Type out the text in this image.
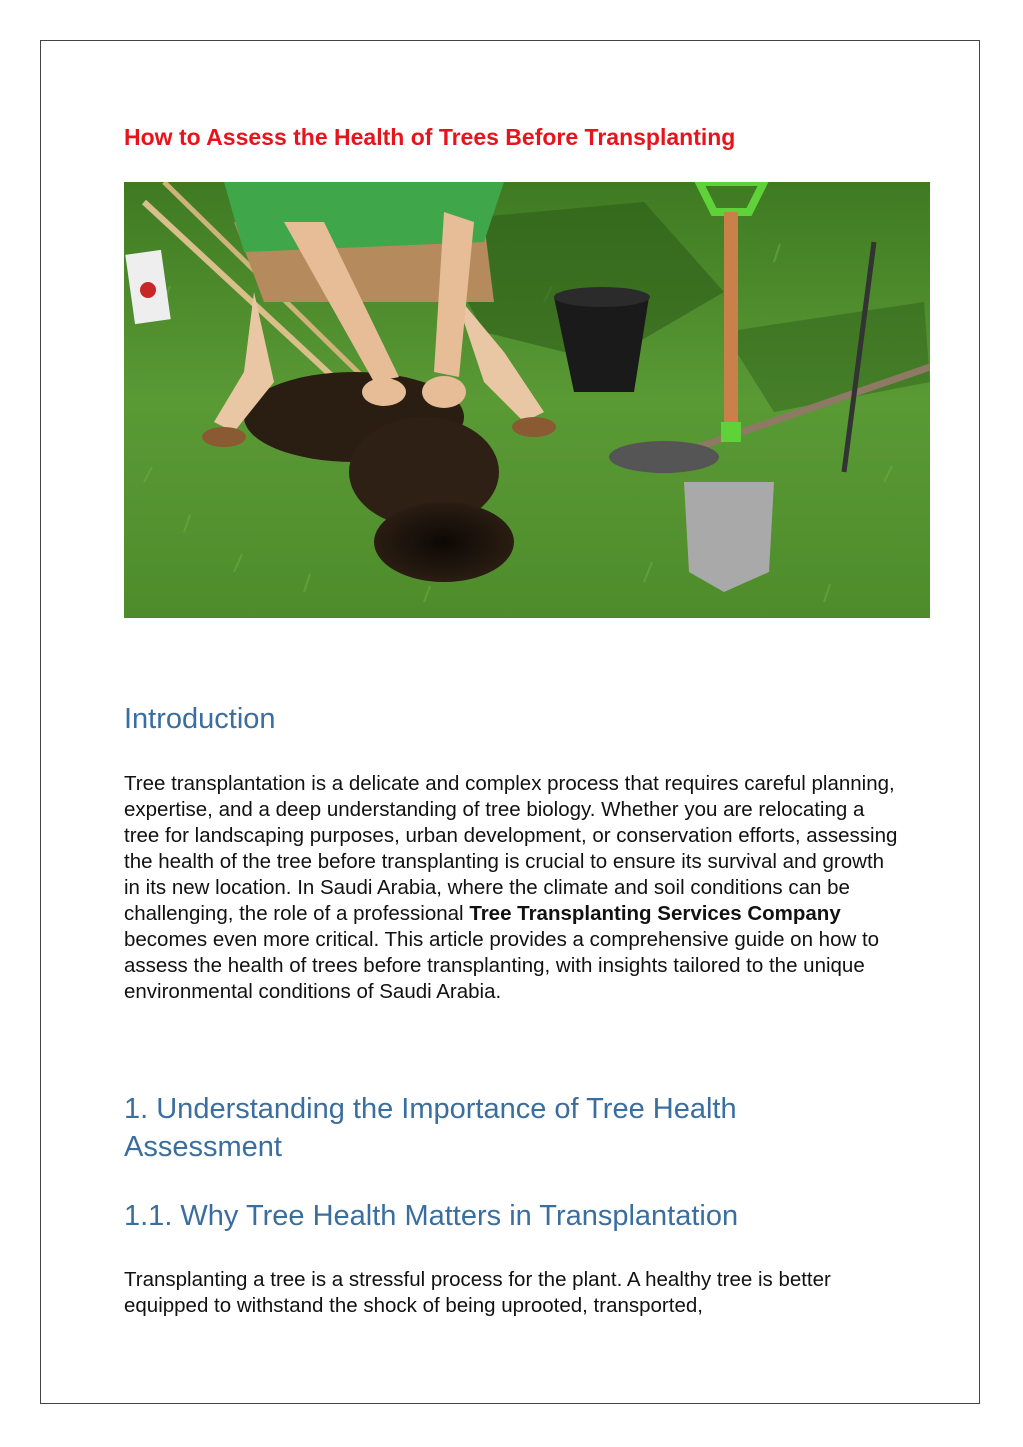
How to Assess the Health of Trees Before Transplanting
Introduction

Tree transplantation is a delicate and complex process that requires careful planning, expertise, and a deep understanding of tree biology. Whether you are relocating a tree for landscaping purposes, urban development, or conservation efforts, assessing the health of the tree before transplanting is crucial to ensure its survival and growth in its new location. In Saudi Arabia, where the climate and soil conditions can be challenging, the role of a professional Tree Transplanting Services Company becomes even more critical. This article provides a comprehensive guide on how to assess the health of trees before transplanting, with insights tailored to the unique environmental conditions of Saudi Arabia.

1. Understanding the Importance of Tree Health Assessment
1.1. Why Tree Health Matters in Transplantation

Transplanting a tree is a stressful process for the plant. A healthy tree is better equipped to withstand the shock of being uprooted, transported,
